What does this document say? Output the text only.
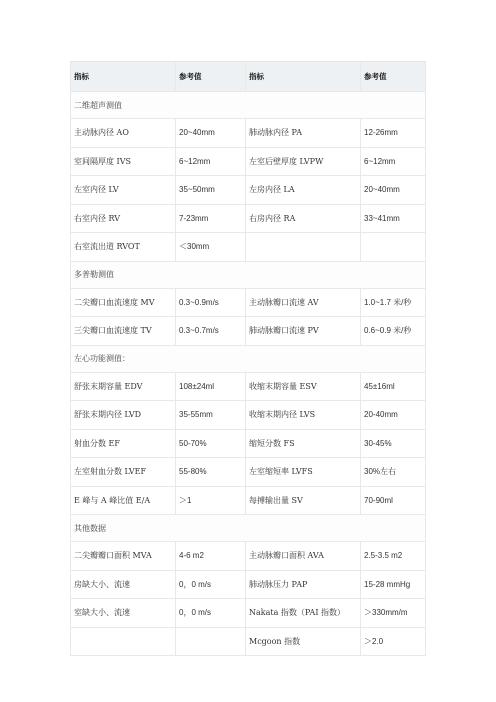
指标	参考值	指标	参考值
二维超声测值			
主动脉内径 AO	20~40mm	肺动脉内径 PA	12-26mm
室间隔厚度 IVS	6~12mm	左室后壁厚度 LVPW	6~12mm
左室内径 LV	35~50mm	左房内径 LA	20~40mm
右室内径 RV	7-23mm	右房内径 RA	33~41mm
右室流出道 RVOT	＜30mm		
多普勒测值			
二尖瓣口血流速度 MV	0.3~0.9m/s	主动脉瓣口流速 AV	1.0~1.7 米/秒
三尖瓣口血流速度 TV	0.3~0.7m/s	肺动脉瓣口流速 PV	0.6~0.9 米/秒
左心功能测值：			
舒张末期容量 EDV	108±24ml	收缩末期容量 ESV	45±16ml
舒张末期内径 LVD	35-55mm	收缩末期内径 LVS	20-40mm
射血分数 EF	50-70%	缩短分数 FS	30-45%
左室射血分数 LVEF	55-80%	左室缩短率 LVFS	30%左右
E 峰与 A 峰比值 E/A	＞1	每搏输出量 SV	70-90ml
其他数据			
二尖瓣瓣口面积 MVA	4-6 m2	主动脉瓣口面积 AVA	2.5-3.5 m2
房缺大小、流速	0，0 m/s	肺动脉压力 PAP	15-28 mmHg
室缺大小、流速	0，0 m/s	Nakata 指数（PAI 指数）	＞330mm/m
		Mcgoon 指数	＞2.0
